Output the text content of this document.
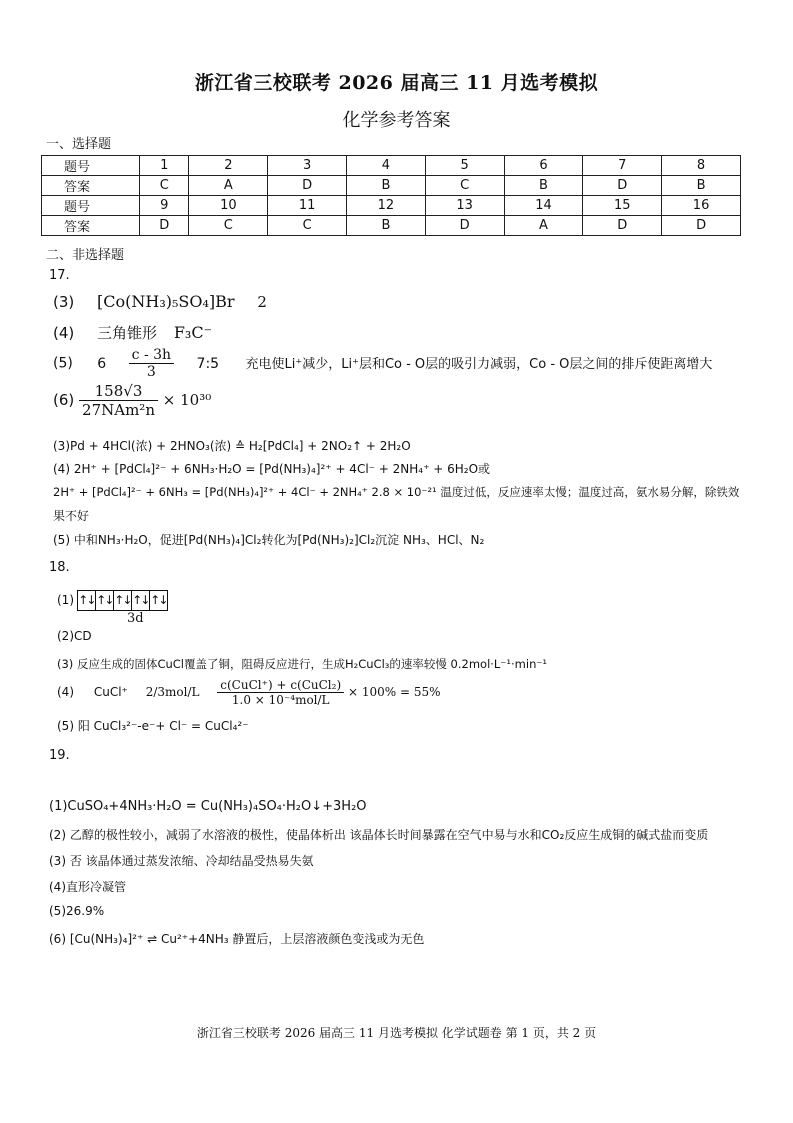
浙江省三校联考 2026 届高三 11 月选考模拟
化学参考答案
一、选择题
题号	1	2	3	4	5	6	7	8
答案	C	A	D	B	C	B	D	B
题号	9	10	11	12	13	14	15	16
答案	D	C	C	B	D	A	D	D
二、非选择题
17.
(3) [Co(NH₃)₅SO₄]Br 2
(4) 三角锥形 F₃C⁻
(5) $6 \frac{c - 3h}{3}$ 7:5 充电使Li⁺减少，Li⁺层和Co - O层的吸引力减弱，Co - O层之间的排斥使距离增大
$(6) \frac{158√3}{\text{27NAm²n}} \times 10^{30}$
(3)Pd + 4HCl(浓) + 2HNO₃(浓) ≙ H₂[PdCl₄] + 2NO₂↑ + 2H₂O
(4) 2H⁺ + [PdCl₄]²⁻ + 6NH₃·H₂O = [Pd(NH₃)₄]²⁺ + 4Cl⁻ + 2NH₄⁺ + 6H₂O或
2H⁺ + [PdCl₄]²⁻ + 6NH₃ = [Pd(NH₃)₄]²⁺ + 4Cl⁻ + 2NH₄⁺ 2.8 × 10⁻²¹ 温度过低，反应速率太慢；温度过高，氨水易分解，除铁效
果不好
(5) 中和NH₃·H₂O，促进[Pd(NH₃)₄]Cl₂转化为[Pd(NH₃)₂]Cl₂沉淀 NH₃、HCl、N₂
18.
(1) ↑↓ ↑↓ ↑↓ ↑↓ ↑↓
3d
(2)CD
(3) 反应生成的固体CuCl覆盖了铜，阻碍反应进行，生成H₂CuCl₃的速率较慢 0.2mol·L⁻¹·min⁻¹
(4) CuCl⁺ $2/3mol/L \frac{\text{c(CuCl⁺) + c(CuCl₂)}}{\text{1.0 × 10⁻⁴mol/L}} \times 100\% = 55\%$
(5) 阳 CuCl₃²⁻-e⁻+ Cl⁻ = CuCl₄²⁻
19.
(1)CuSO₄+4NH₃·H₂O = Cu(NH₃)₄SO₄·H₂O↓+3H₂O
(2) 乙醇的极性较小，减弱了水溶液的极性，使晶体析出 该晶体长时间暴露在空气中易与水和CO₂反应生成铜的碱式盐而变质
(3) 否 该晶体通过蒸发浓缩、冷却结晶受热易失氨
(4)直形冷凝管
(5)26.9%
(6) [Cu(NH₃)₄]²⁺ ⇌ Cu²⁺+4NH₃ 静置后，上层溶液颜色变浅或为无色
浙江省三校联考 2026 届高三 11 月选考模拟 化学试题卷 第 1 页，共 2 页
